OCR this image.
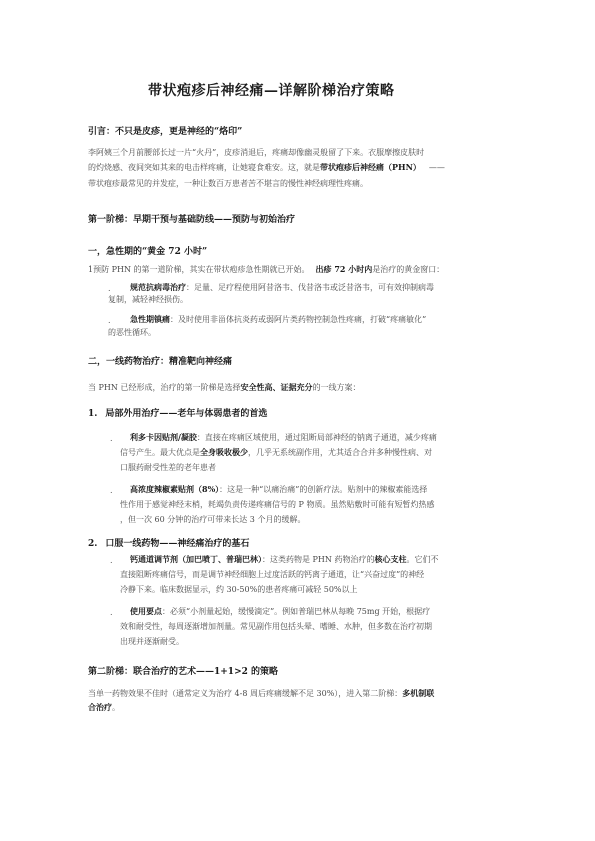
带状疱疹后神经痛—详解阶梯治疗策略
引言：不只是皮疹，更是神经的“烙印”
李阿姨三个月前腰部长过一片“火丹”，皮疹消退后，疼痛却像幽灵般留了下来。衣服摩擦皮肤时
的灼烧感、夜间突如其来的电击样疼痛，让她寝食难安。这，就是带状疱疹后神经痛（PHN） ——
带状疱疹最常见的并发症，一种让数百万患者苦不堪言的慢性神经病理性疼痛。
第一阶梯：早期干预与基础防线——预防与初始治疗
一，急性期的“黄金 72 小时”
1预防 PHN 的第一道阶梯，其实在带状疱疹急性期就已开始。 出疹 72 小时内是治疗的黄金窗口：
. 规范抗病毒治疗：足量、足疗程使用阿昔洛韦、伐昔洛韦或泛昔洛韦，可有效抑制病毒
复制，减轻神经损伤。
. 急性期镇痛：及时使用非甾体抗炎药或弱阿片类药物控制急性疼痛，打破“疼痛敏化”
的恶性循环。
二，一线药物治疗：精准靶向神经痛
当 PHN 已经形成，治疗的第一阶梯是选择安全性高、证据充分的一线方案：
1. 局部外用治疗——老年与体弱患者的首选
. 利多卡因贴剂/凝胶：直接在疼痛区域使用，通过阻断局部神经的钠离子通道，减少疼痛
信号产生。最大优点是全身吸收极少，几乎无系统副作用，尤其适合合并多种慢性病、对
口服药耐受性差的老年患者
. 高浓度辣椒素贴剂（8%）：这是一种“以痛治痛”的创新疗法。贴剂中的辣椒素能选择
性作用于感觉神经末梢，耗竭负责传递疼痛信号的 P 物质。虽然贴敷时可能有短暂灼热感
，但一次 60 分钟的治疗可带来长达 3 个月的缓解。
2. 口服一线药物——神经痛治疗的基石
. 钙通道调节剂（加巴喷丁、普瑞巴林）：这类药物是 PHN 药物治疗的核心支柱。它们不
直接阻断疼痛信号，而是调节神经细胞上过度活跃的钙离子通道，让“兴奋过度”的神经
冷静下来。临床数据显示，约 30-50%的患者疼痛可减轻 50%以上
. 使用要点：必须“小剂量起始，缓慢滴定”。例如普瑞巴林从每晚 75mg 开始，根据疗
效和耐受性，每周逐渐增加剂量。常见副作用包括头晕、嗜睡、水肿，但多数在治疗初期
出现并逐渐耐受。
第二阶梯：联合治疗的艺术——1+1>2 的策略
当单一药物效果不佳时（通常定义为治疗 4-8 周后疼痛缓解不足 30%），进入第二阶梯：多机制联
合治疗。
